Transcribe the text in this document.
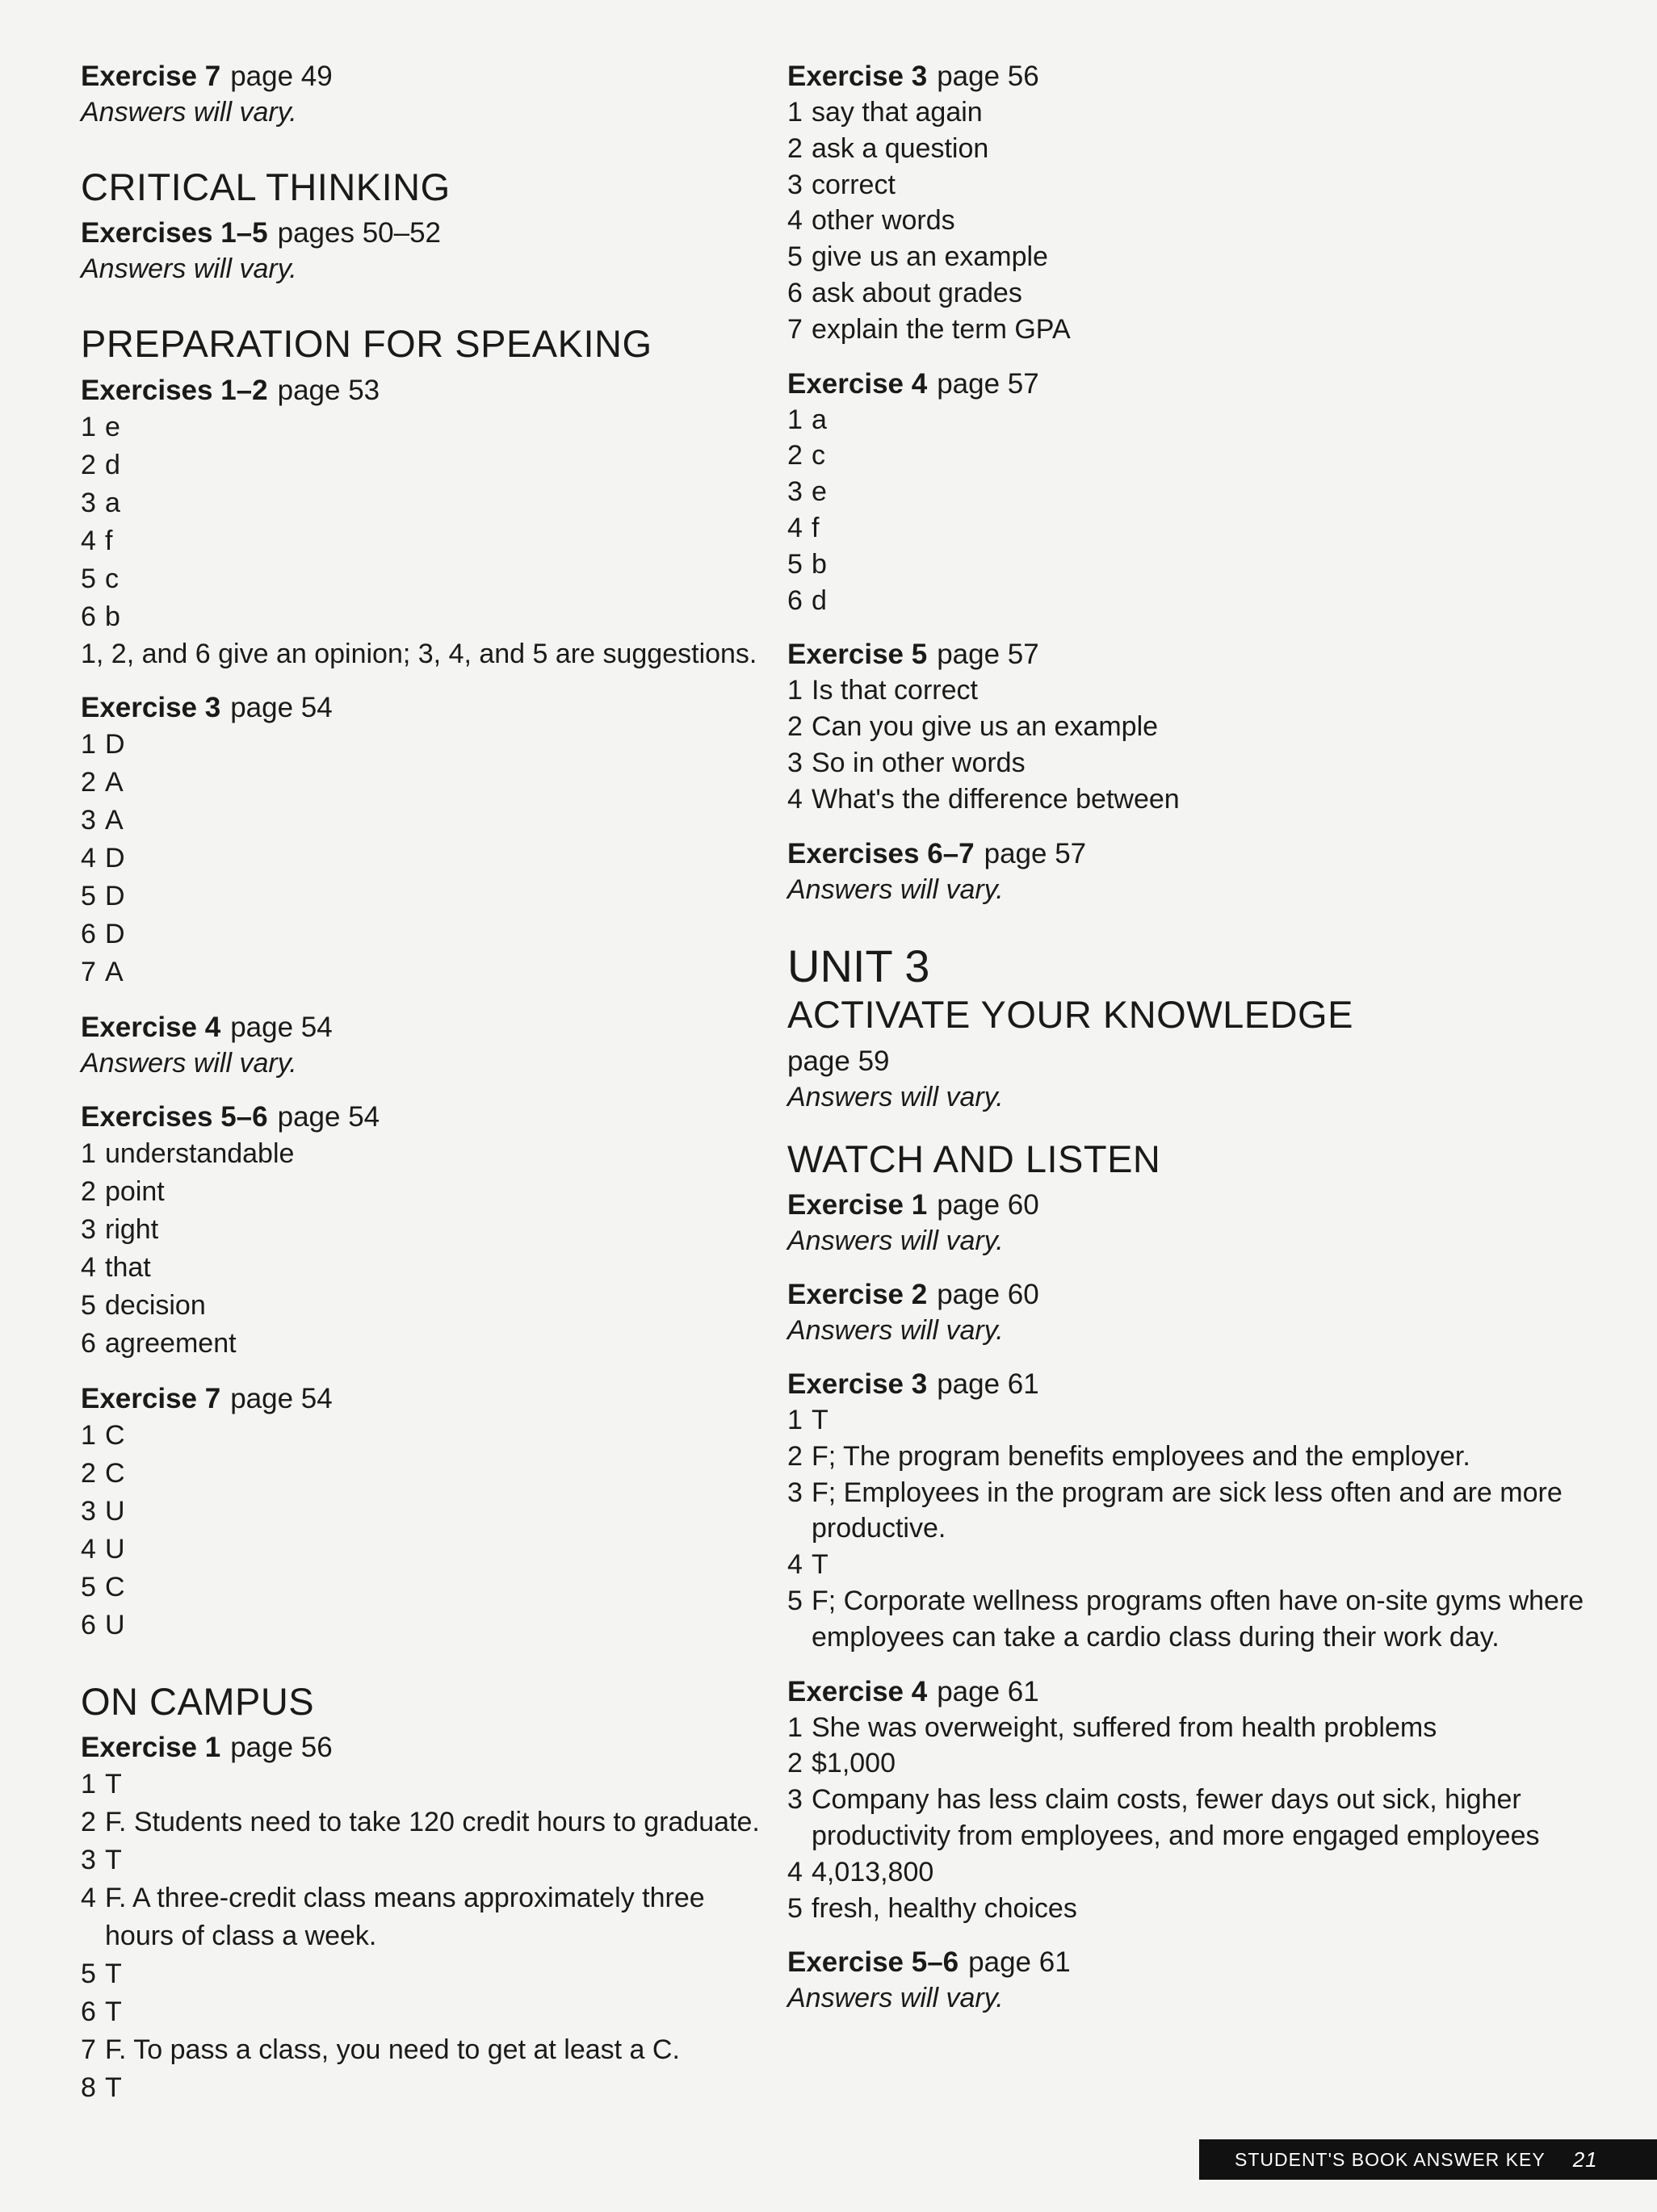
Exercise 7 page 49
Answers will vary.
CRITICAL THINKING
Exercises 1–5 pages 50–52
Answers will vary.
PREPARATION FOR SPEAKING
Exercises 1–2 page 53
1 e
2 d
3 a
4 f
5 c
6 b
1, 2, and 6 give an opinion; 3, 4, and 5 are suggestions.
Exercise 3 page 54
1 D
2 A
3 A
4 D
5 D
6 D
7 A
Exercise 4 page 54
Answers will vary.
Exercises 5–6 page 54
1 understandable
2 point
3 right
4 that
5 decision
6 agreement
Exercise 7 page 54
1 C
2 C
3 U
4 U
5 C
6 U
ON CAMPUS
Exercise 1 page 56
1 T
2 F. Students need to take 120 credit hours to graduate.
3 T
4 F. A three-credit class means approximately three hours of class a week.
5 T
6 T
7 F. To pass a class, you need to get at least a C.
8 T
Exercise 3 page 56
1 say that again
2 ask a question
3 correct
4 other words
5 give us an example
6 ask about grades
7 explain the term GPA
Exercise 4 page 57
1 a
2 c
3 e
4 f
5 b
6 d
Exercise 5 page 57
1 Is that correct
2 Can you give us an example
3 So in other words
4 What's the difference between
Exercises 6–7 page 57
Answers will vary.
UNIT 3
ACTIVATE YOUR KNOWLEDGE
page 59
Answers will vary.
WATCH AND LISTEN
Exercise 1 page 60
Answers will vary.
Exercise 2 page 60
Answers will vary.
Exercise 3 page 61
1 T
2 F; The program benefits employees and the employer.
3 F; Employees in the program are sick less often and are more productive.
4 T
5 F; Corporate wellness programs often have on-site gyms where employees can take a cardio class during their work day.
Exercise 4 page 61
1 She was overweight, suffered from health problems
2 $1,000
3 Company has less claim costs, fewer days out sick, higher productivity from employees, and more engaged employees
4 4,013,800
5 fresh, healthy choices
Exercise 5–6 page 61
Answers will vary.
STUDENT'S BOOK ANSWER KEY 21
